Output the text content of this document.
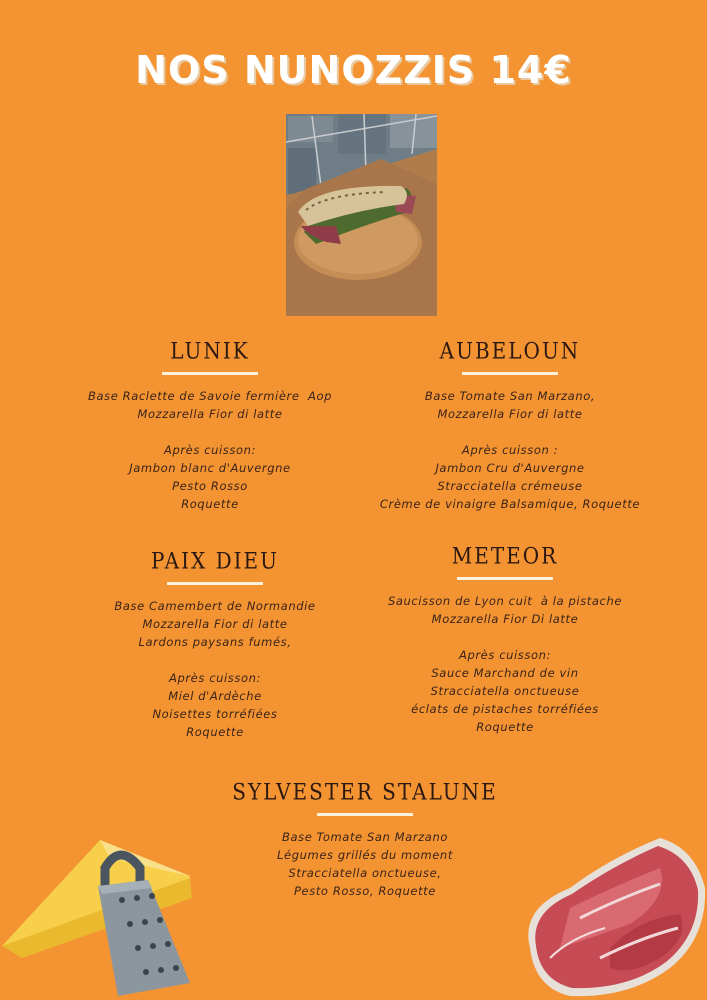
NOS NUNOZZIS 14€
LUNIK
Base Raclette de Savoie fermière  Aop
Mozzarella Fior di latte
Après cuisson:
Jambon blanc d'Auvergne
Pesto Rosso
Roquette
AUBELOUN
Base Tomate San Marzano,
Mozzarella Fior di latte
Après cuisson :
Jambon Cru d'Auvergne
Stracciatella crémeuse
Crème de vinaigre Balsamique, Roquette
PAIX DIEU
Base Camembert de Normandie
Mozzarella Fior di latte
Lardons paysans fumés,
Après cuisson:
Miel d'Ardèche
Noisettes torréfiées
Roquette
METEOR
Saucisson de Lyon cuit  à la pistache
Mozzarella Fior Di latte
Après cuisson:
Sauce Marchand de vin
Stracciatella onctueuse
éclats de pistaches torréfiées
Roquette
SYLVESTER STALUNE
Base Tomate San Marzano
Légumes grillés du moment
Stracciatella onctueuse,
Pesto Rosso, Roquette
